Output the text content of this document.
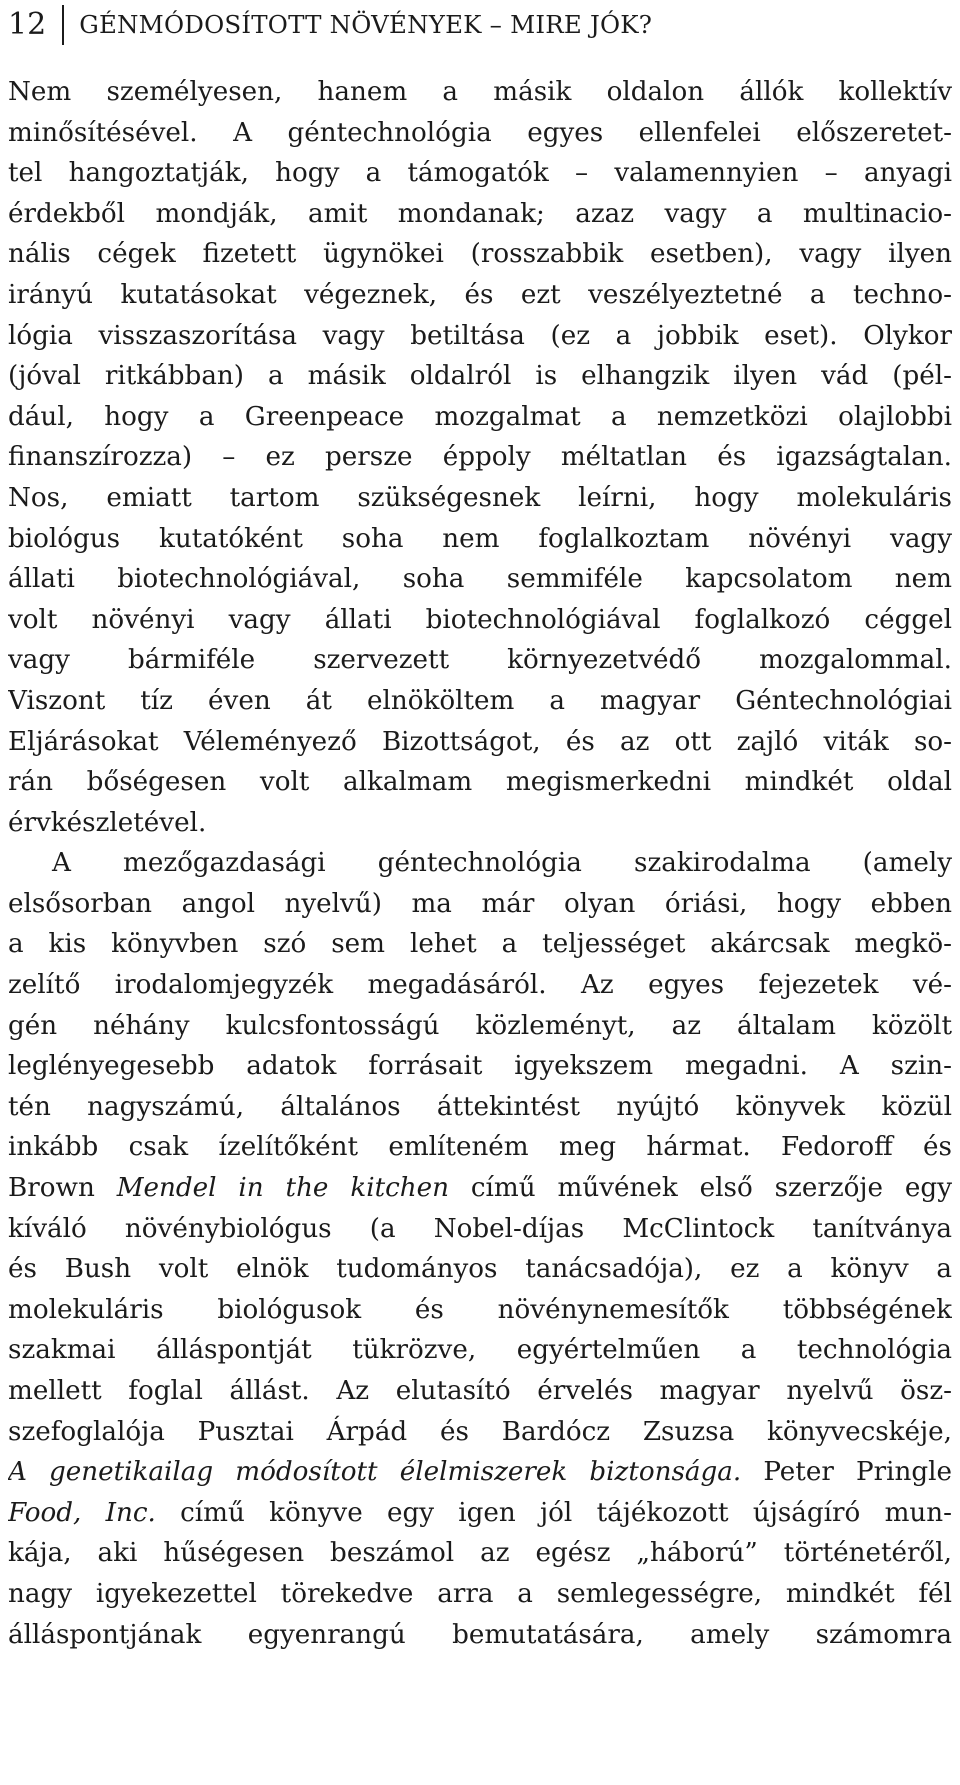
12 GÉNMÓDOSÍTOTT NÖVÉNYEK – MIRE JÓK?

Nem személyesen, hanem a másik oldalon állók kollektív
minősítésével. A géntechnológia egyes ellenfelei előszeretet-
tel hangoztatják, hogy a támogatók – valamennyien – anyagi
érdekből mondják, amit mondanak; azaz vagy a multinacio-
nális cégek fizetett ügynökei (rosszabbik esetben), vagy ilyen
irányú kutatásokat végeznek, és ezt veszélyeztetné a techno-
lógia visszaszorítása vagy betiltása (ez a jobbik eset). Olykor
(jóval ritkábban) a másik oldalról is elhangzik ilyen vád (pél-
dául, hogy a Greenpeace mozgalmat a nemzetközi olajlobbi
finanszírozza) – ez persze éppoly méltatlan és igazságtalan.
Nos, emiatt tartom szükségesnek leírni, hogy molekuláris
biológus kutatóként soha nem foglalkoztam növényi vagy
állati biotechnológiával, soha semmiféle kapcsolatom nem
volt növényi vagy állati biotechnológiával foglalkozó céggel
vagy bármiféle szervezett környezetvédő mozgalommal.
Viszont tíz éven át elnököltem a magyar Géntechnológiai
Eljárásokat Véleményező Bizottságot, és az ott zajló viták so-
rán bőségesen volt alkalmam megismerkedni mindkét oldal
érvkészletével.

A mezőgazdasági géntechnológia szakirodalma (amely
elsősorban angol nyelvű) ma már olyan óriási, hogy ebben
a kis könyvben szó sem lehet a teljességet akárcsak megkö-
zelítő irodalomjegyzék megadásáról. Az egyes fejezetek vé-
gén néhány kulcsfontosságú közleményt, az általam közölt
leglényegesebb adatok forrásait igyekszem megadni. A szin-
tén nagyszámú, általános áttekintést nyújtó könyvek közül
inkább csak ízelítőként említeném meg hármat. Fedoroff és
Brown Mendel in the kitchen című művének első szerzője egy
kíváló növénybiológus (a Nobel-díjas McClintock tanítványa
és Bush volt elnök tudományos tanácsadója), ez a könyv a
molekuláris biológusok és növénynemesítők többségének
szakmai álláspontját tükrözve, egyértelműen a technológia
mellett foglal állást. Az elutasító érvelés magyar nyelvű ösz-
szefoglalója Pusztai Árpád és Bardócz Zsuzsa könyvecskéje,
A genetikailag módosított élelmiszerek biztonsága. Peter Pringle
Food, Inc. című könyve egy igen jól tájékozott újságíró mun-
kája, aki hűségesen beszámol az egész „háború” történetéről,
nagy igyekezettel törekedve arra a semlegességre, mindkét fél
álláspontjának egyenrangú bemutatására, amely számomra
